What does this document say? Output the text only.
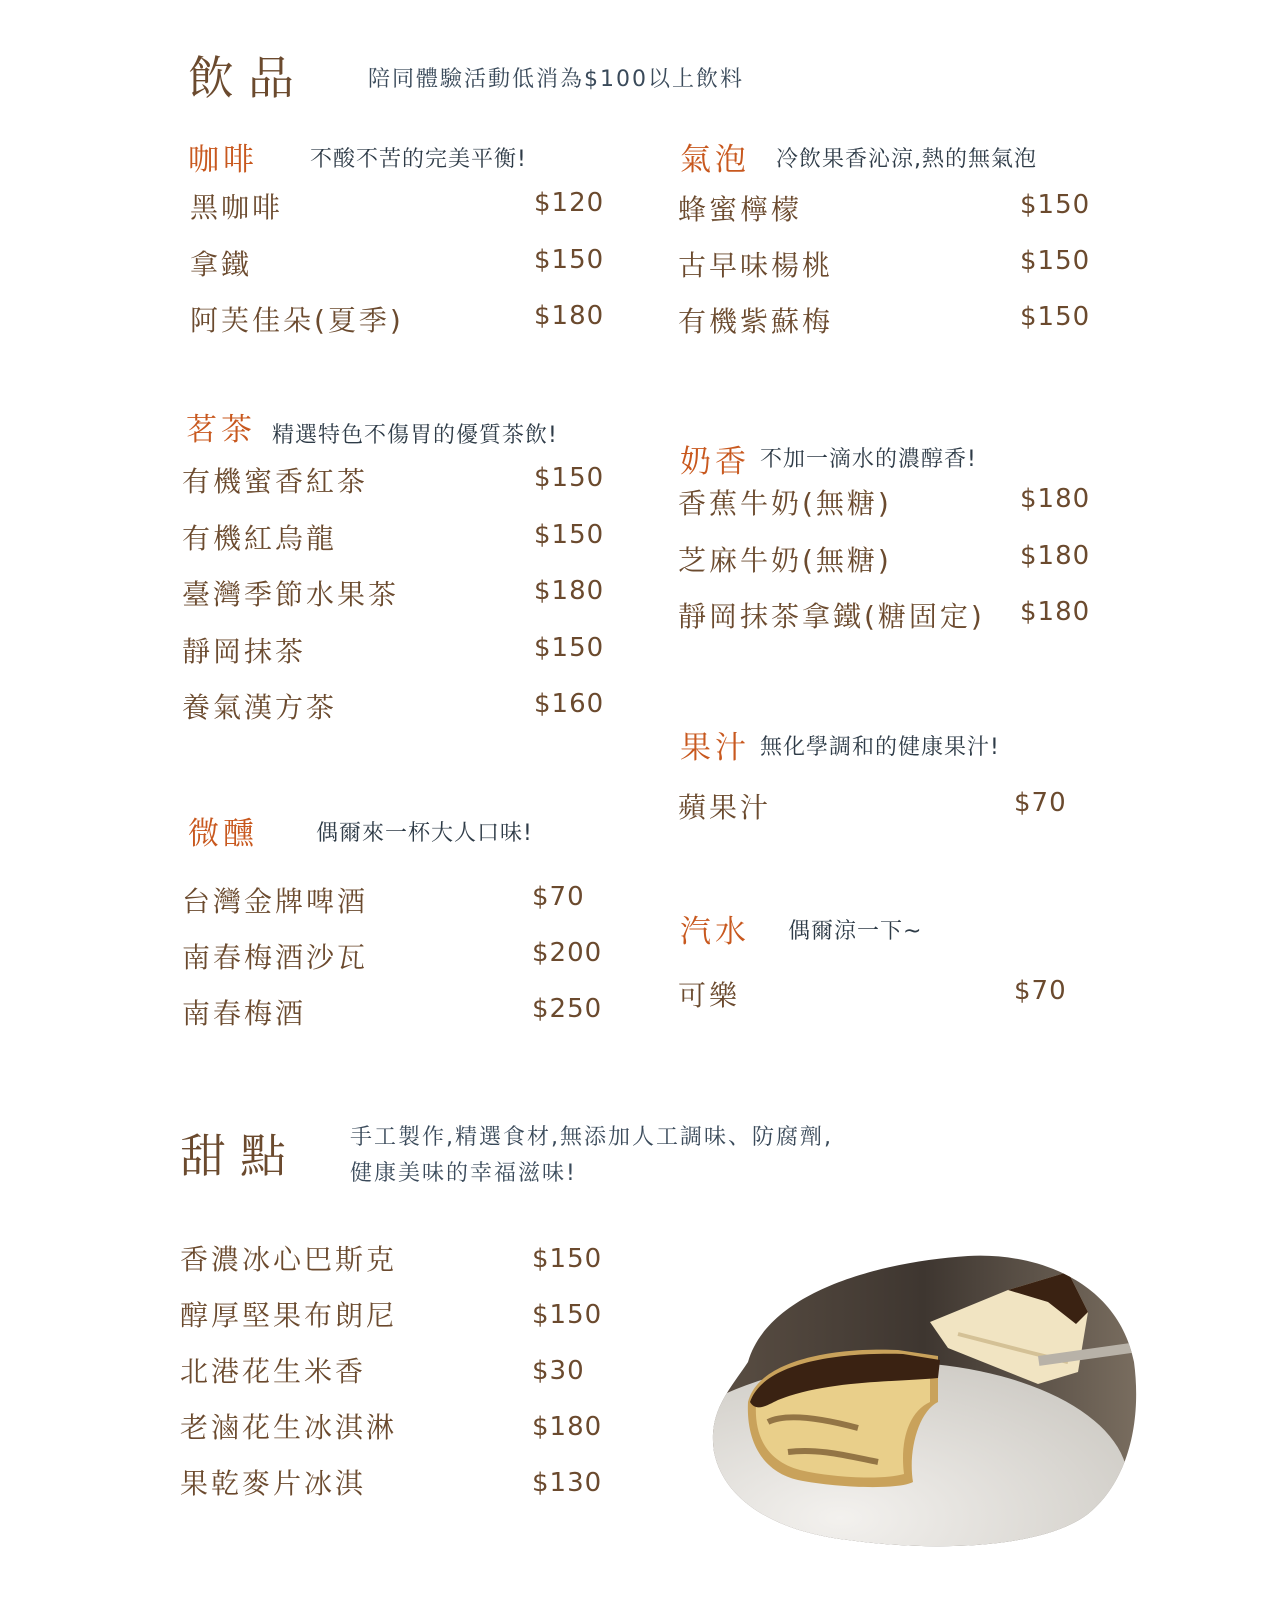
飲品	陪同體驗活動低消為$100以上飲料
咖啡 不酸不苦的完美平衡!
黑咖啡	$120
拿鐵	$150
阿芙佳朵(夏季)	$180
氣泡 冷飲果香沁涼,熱的無氣泡
蜂蜜檸檬	$150
古早味楊桃	$150
有機紫蘇梅	$150
茗茶 精選特色不傷胃的優質茶飲!
有機蜜香紅茶	$150
有機紅烏龍	$150
臺灣季節水果茶	$180
靜岡抹茶	$150
養氣漢方茶	$160
奶香 不加一滴水的濃醇香!
香蕉牛奶(無糖)	$180
芝麻牛奶(無糖)	$180
靜岡抹茶拿鐵(糖固定) $180
果汁 無化學調和的健康果汁!
蘋果汁	$70
微醺	偶爾來一杯大人口味!
台灣金牌啤酒	$70
南春梅酒沙瓦	$200
南春梅酒	$250
汽水 偶爾涼一下~
可樂	$70
甜點 手工製作,精選食材,無添加人工調味、防腐劑,
健康美味的幸福滋味!
香濃冰心巴斯克	$150
醇厚堅果布朗尼	$150
北港花生米香	$30
老滷花生冰淇淋	$180
果乾麥片冰淇	$130
